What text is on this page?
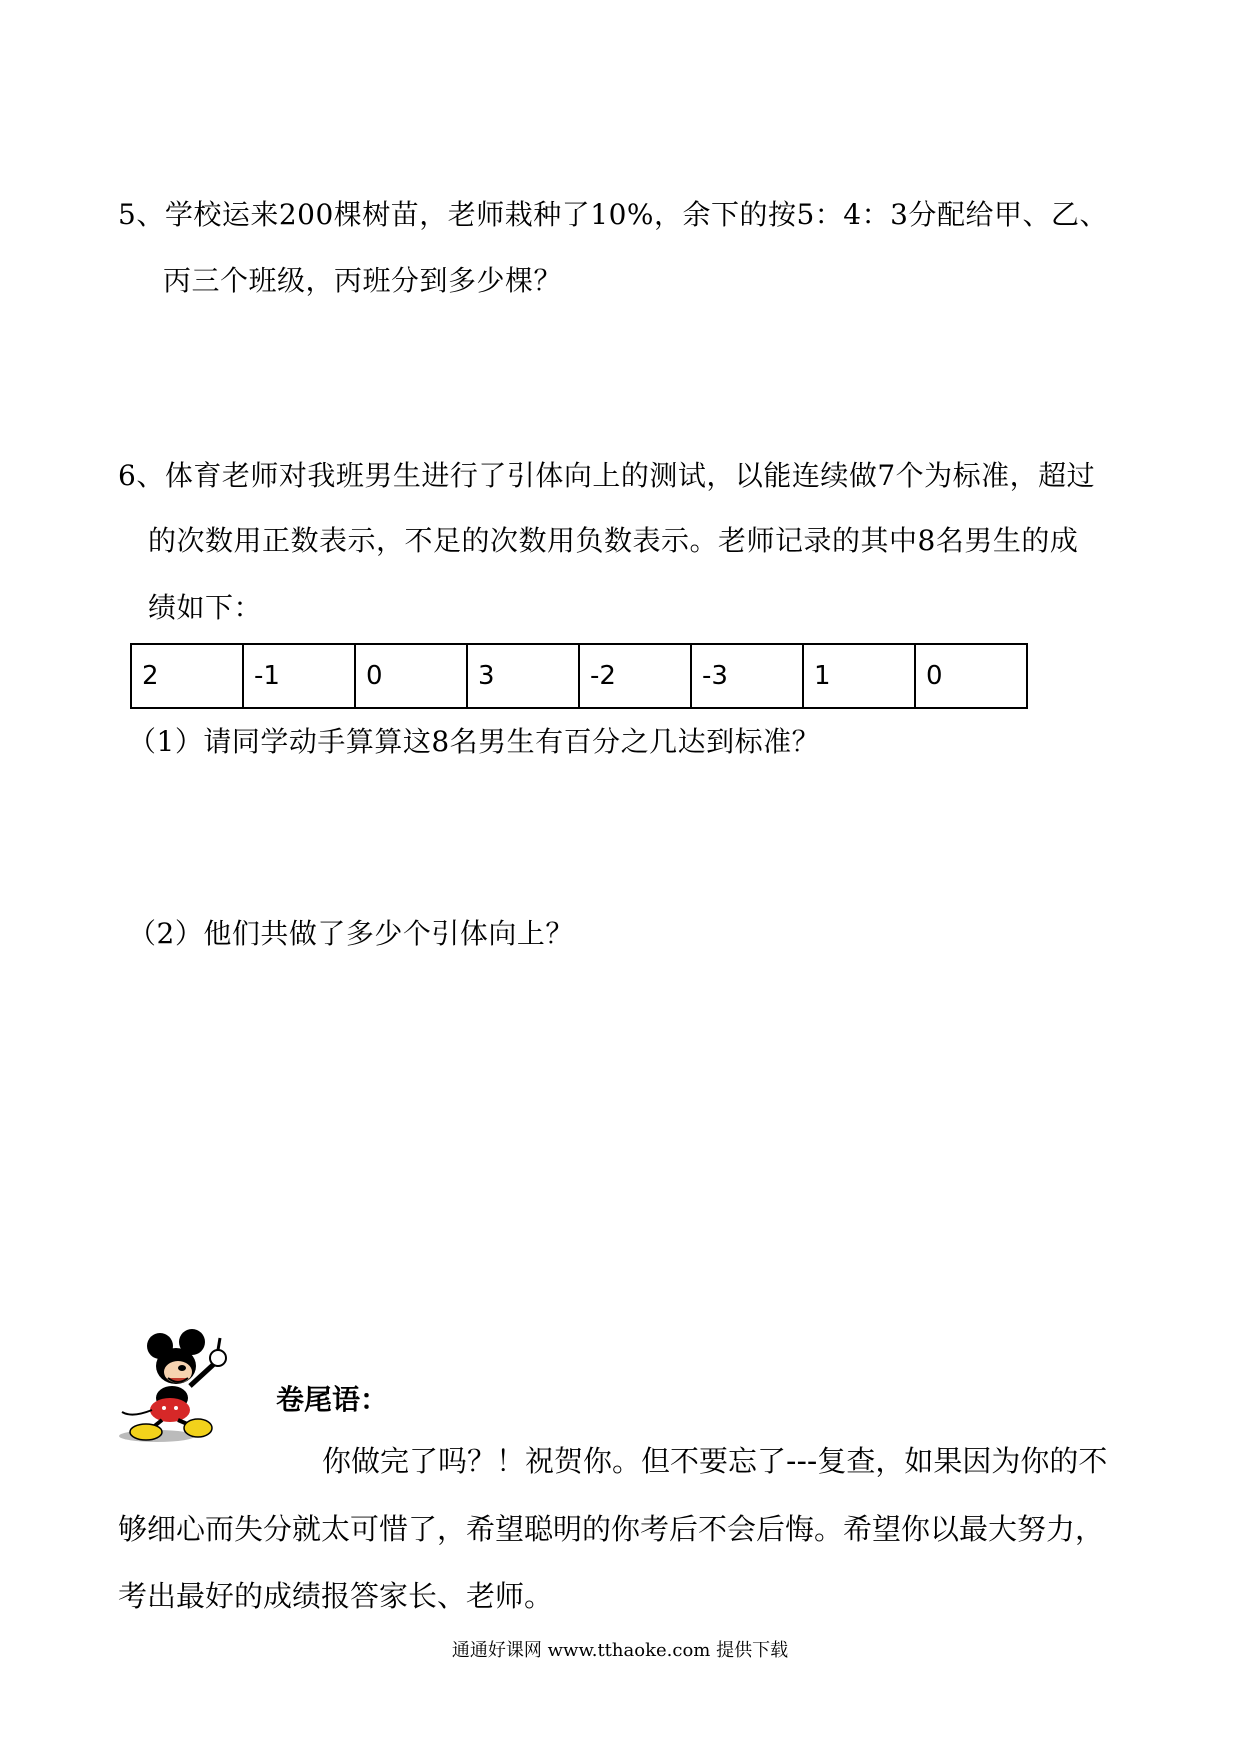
5、学校运来200棵树苗，老师栽种了10%，余下的按5：4：3分配给甲、乙、
丙三个班级，丙班分到多少棵？
6、体育老师对我班男生进行了引体向上的测试，以能连续做7个为标准，超过
的次数用正数表示，不足的次数用负数表示。老师记录的其中8名男生的成
绩如下：
2	-1	0	3	-2	-3	1	0
（1）请同学动手算算这8名男生有百分之几达到标准？
（2）他们共做了多少个引体向上？
卷尾语：
你做完了吗？！祝贺你。但不要忘了---复查，如果因为你的不
够细心而失分就太可惜了，希望聪明的你考后不会后悔。希望你以最大努力，
考出最好的成绩报答家长、老师。
通通好课网 www.tthaoke.com 提供下载
